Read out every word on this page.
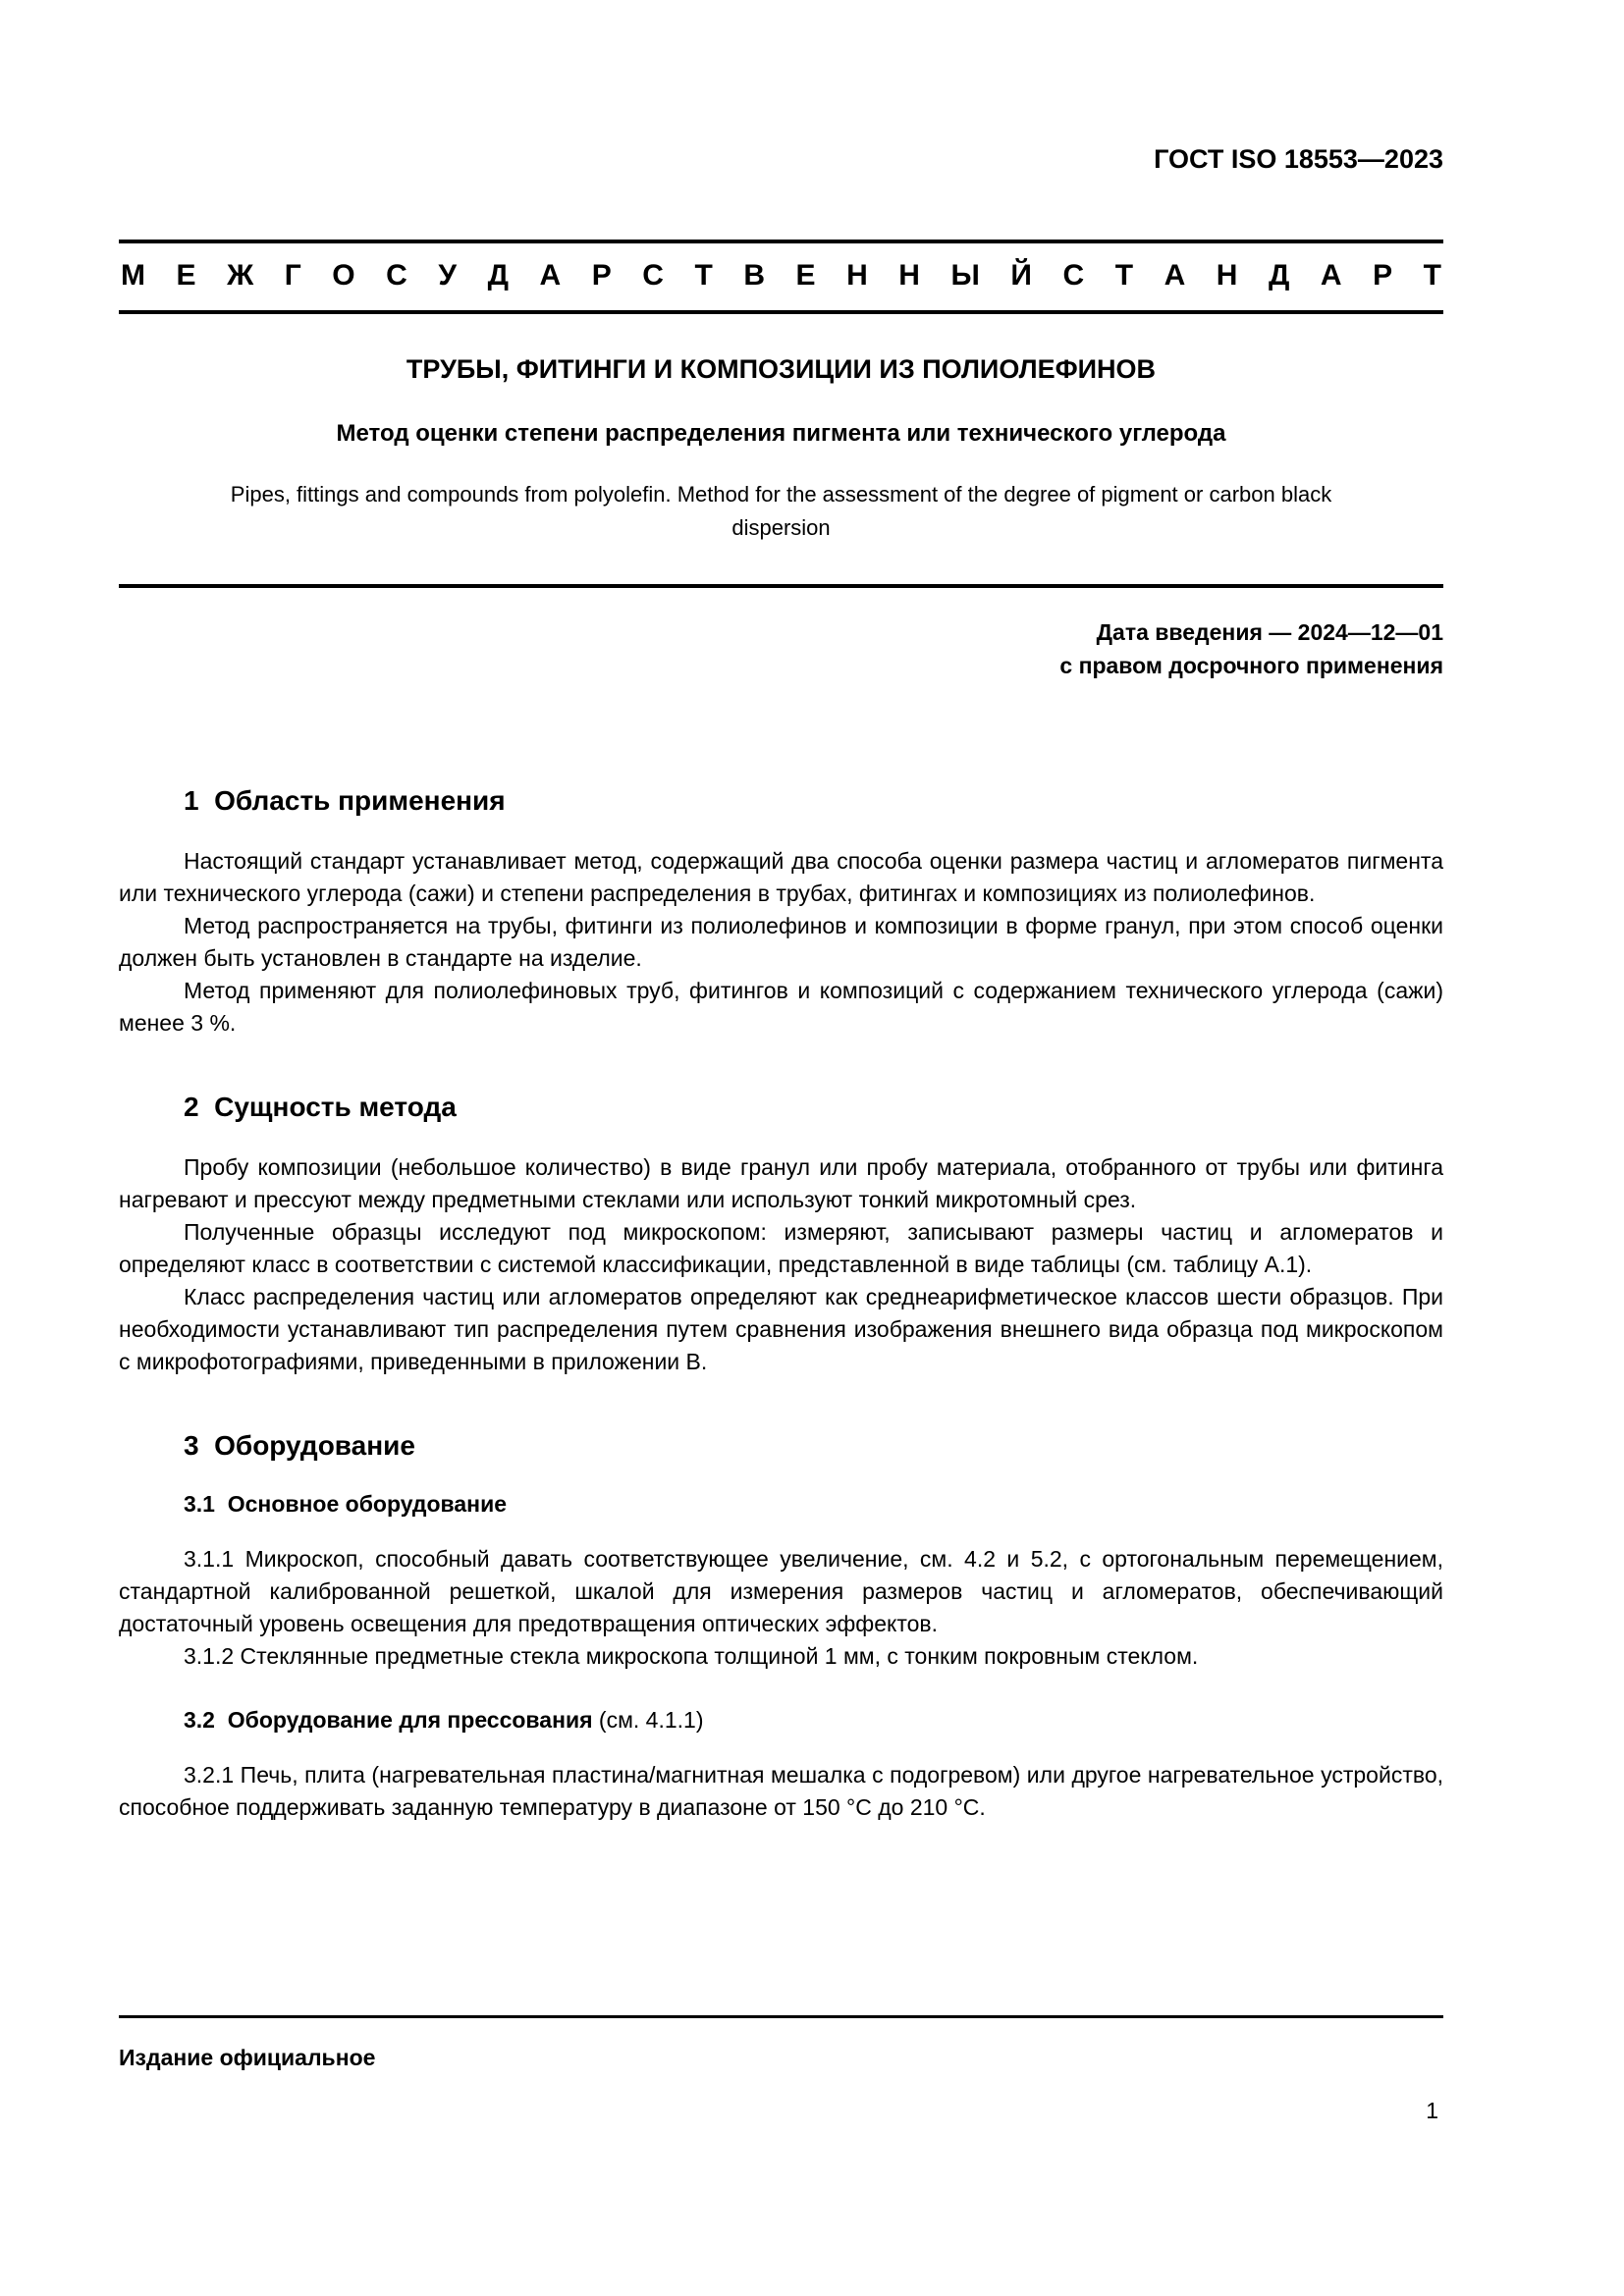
ГОСТ ISO 18553—2023
М Е Ж Г О С У Д А Р С Т В Е Н Н Ы Й С Т А Н Д А Р Т
ТРУБЫ, ФИТИНГИ И КОМПОЗИЦИИ ИЗ ПОЛИОЛЕФИНОВ
Метод оценки степени распределения пигмента или технического углерода
Pipes, fittings and compounds from polyolefin. Method for the assessment of the degree of pigment or carbon black dispersion
Дата введения — 2024—12—01
с правом досрочного применения
1  Область применения

Настоящий стандарт устанавливает метод, содержащий два способа оценки размера частиц и агломератов пигмента или технического углерода (сажи) и степени распределения в трубах, фитингах и композициях из полиолефинов.

Метод распространяется на трубы, фитинги из полиолефинов и композиции в форме гранул, при этом способ оценки должен быть установлен в стандарте на изделие.

Метод применяют для полиолефиновых труб, фитингов и композиций с содержанием технического углерода (сажи) менее 3 %.

2  Сущность метода

Пробу композиции (небольшое количество) в виде гранул или пробу материала, отобранного от трубы или фитинга нагревают и прессуют между предметными стеклами или используют тонкий микротомный срез.

Полученные образцы исследуют под микроскопом: измеряют, записывают размеры частиц и агломератов и определяют класс в соответствии с системой классификации, представленной в виде таблицы (см. таблицу А.1).

Класс распределения частиц или агломератов определяют как среднеарифметическое классов шести образцов. При необходимости устанавливают тип распределения путем сравнения изображения внешнего вида образца под микроскопом с микрофотографиями, приведенными в приложении В.

3  Оборудование
3.1  Основное оборудование

3.1.1 Микроскоп, способный давать соответствующее увеличение, см. 4.2 и 5.2, с ортогональным перемещением, стандартной калиброванной решеткой, шкалой для измерения размеров частиц и агломератов, обеспечивающий достаточный уровень освещения для предотвращения оптических эффектов.

3.1.2 Стеклянные предметные стекла микроскопа толщиной 1 мм, с тонким покровным стеклом.

3.2  Оборудование для прессования (см. 4.1.1)

3.2.1 Печь, плита (нагревательная пластина/магнитная мешалка с подогревом) или другое нагревательное устройство, способное поддерживать заданную температуру в диапазоне от 150 °С до 210 °С.

Издание официальное
1
